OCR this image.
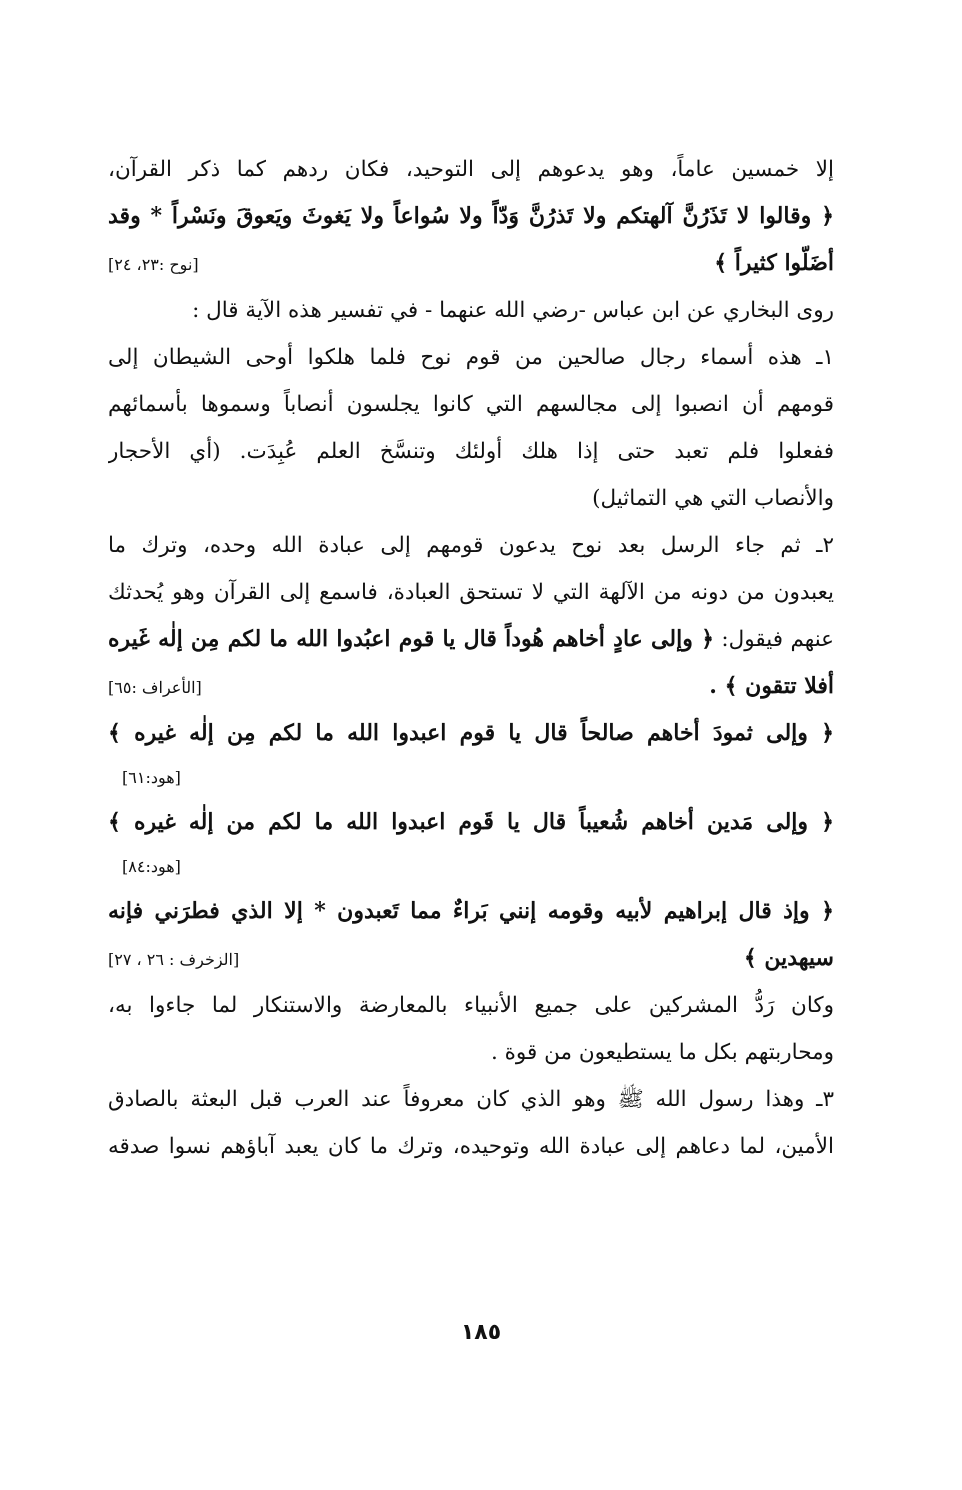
إلا خمسين عاماً، وهو يدعوهم إلى التوحيد، فكان ردهم كما ذكر القرآن،
﴿ وقالوا لا تَذَرُنَّ آلهتكم ولا تَذرُنَّ وَدّاً ولا سُواعاً ولا يَغوثَ ويَعوقَ ونَسْراً * وقد
أضَلّوا كثيراً ﴾
[نوح :٢٣، ٢٤]
روى البخاري عن ابن عباس -رضي الله عنهما - في تفسير هذه الآية قال :
١ـ هذه أسماء رجال صالحين من قوم نوح فلما هلكوا أوحى الشيطان إلى
قومهم أن انصبوا إلى مجالسهم التي كانوا يجلسون أنصاباً وسموها بأسمائهم
ففعلوا فلم تعبد حتى إذا هلك أولئك وتنسَّخ العلم عُبِدَت. (أي الأحجار
والأنصاب التي هي التماثيل)
٢ـ ثم جاء الرسل بعد نوح يدعون قومهم إلى عبادة الله وحده، وترك ما
يعبدون من دونه من الآلهة التي لا تستحق العبادة، فاسمع إلى القرآن وهو يُحدثك
عنهم فيقول: ﴿ وإلى عادٍ أخاهم هُوداً قال يا قوم اعبُدوا الله ما لكم مِن إلٰه غَيره
أفلا تتقون ﴾ .
[الأعراف :٦٥]
﴿ وإلى ثمودَ أخاهم صالحاً قال يا قوم اعبدوا الله ما لكم مِن إلٰه غيره ﴾
[هود:٦١]
﴿ وإلى مَدين أخاهم شُعيباً قال يا قَوم اعبدوا الله ما لكم من إلٰه غيره ﴾
[هود:٨٤]
﴿ وإذ قال إبراهيم لأبيه وقومه إنني بَراءٌ مما تَعبدون * إلا الذي فطرَني فإنه
سيهدين ﴾
[الزخرف : ٢٦ ، ٢٧]
وكان رَدُّ المشركين على جميع الأنبياء بالمعارضة والاستنكار لما جاءوا به،
ومحاربتهم بكل ما يستطيعون من قوة .
٣ـ وهذا رسول الله ﷺ وهو الذي كان معروفاً عند العرب قبل البعثة بالصادق
الأمين، لما دعاهم إلى عبادة الله وتوحيده، وترك ما كان يعبد آباؤهم نسوا صدقه
١٨٥
